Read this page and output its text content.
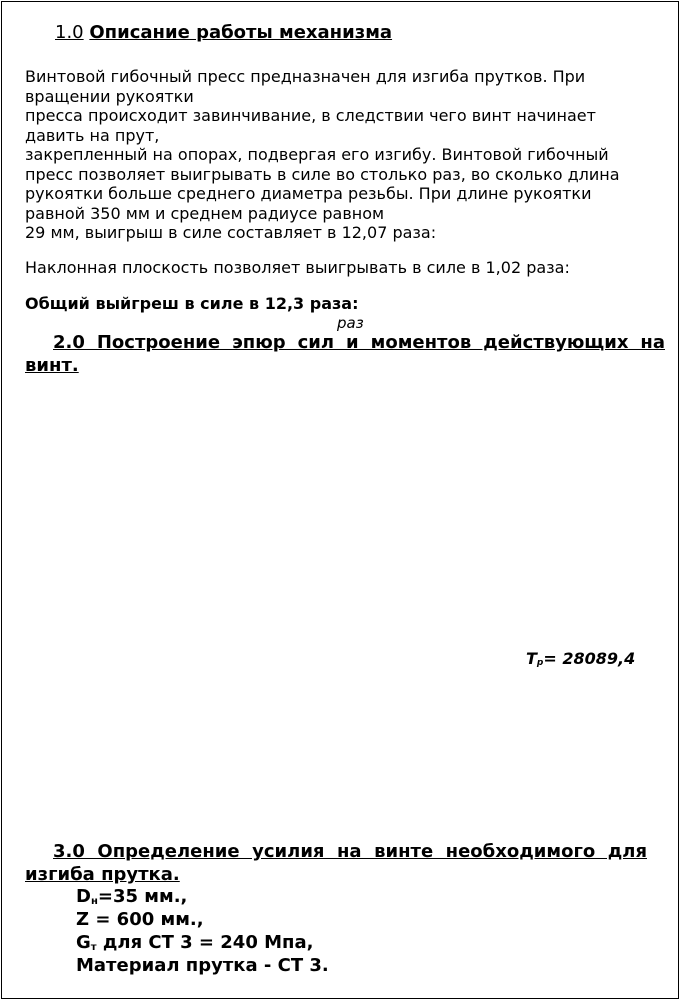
1.0 Описание работы механизма

Винтовой гибочный пресс предназначен для изгиба прутков. При
вращении рукоятки
пресса происходит завинчивание, в следствии чего винт начинает
давить на прут,
закрепленный на опорах, подвергая его изгибу. Винтовой гибочный
пресс позволяет выигрывать в силе во столько раз, во сколько длина
рукоятки больше среднего диаметра резьбы. При длине рукоятки
равной 350 мм и среднем радиусе равном
29 мм, выигрыш в силе составляет в 12,07 раза:

Наклонная плоскость позволяет выигрывать в силе в 1,02 раза:

Общий выйгреш в силе в 12,3 раза:

раз

2.0 Построение эпюр сил и моментов действующих на винт.

$T_p= 28089,4$

3.0 Определение усилия на винте необходимого для изгиба прутка.

$D_н=35$ мм.,

Z = 600 мм.,

$G_т$ для СТ 3 = 240 Мпа,

Материал прутка - СТ 3.
